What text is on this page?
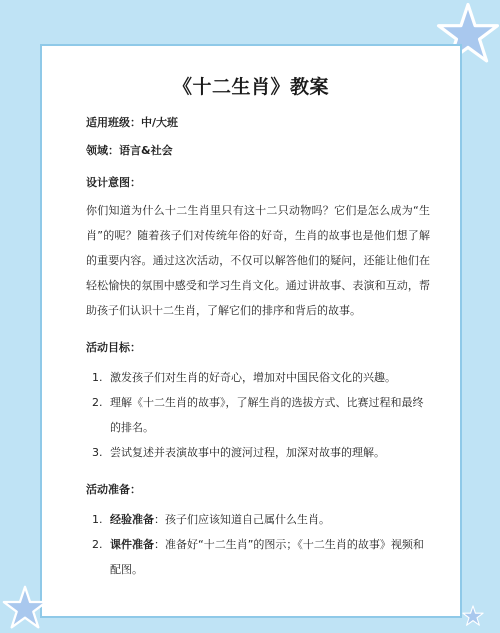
《十二生肖》教案
适用班级：中/大班
领域：语言&社会
设计意图：

你们知道为什么十二生肖里只有这十二只动物吗？它们是怎么成为“生肖”的呢？随着孩子们对传统年俗的好奇，生肖的故事也是他们想了解的重要内容。通过这次活动，不仅可以解答他们的疑问，还能让他们在轻松愉快的氛围中感受和学习生肖文化。通过讲故事、表演和互动，帮助孩子们认识十二生肖，了解它们的排序和背后的故事。

活动目标：
1. 激发孩子们对生肖的好奇心，增加对中国民俗文化的兴趣。
2. 理解《十二生肖的故事》，了解生肖的选拔方式、比赛过程和最终的排名。
3. 尝试复述并表演故事中的渡河过程，加深对故事的理解。
活动准备：
1. 经验准备：孩子们应该知道自己属什么生肖。
2. 课件准备：准备好“十二生肖”的图示；《十二生肖的故事》视频和配图。
